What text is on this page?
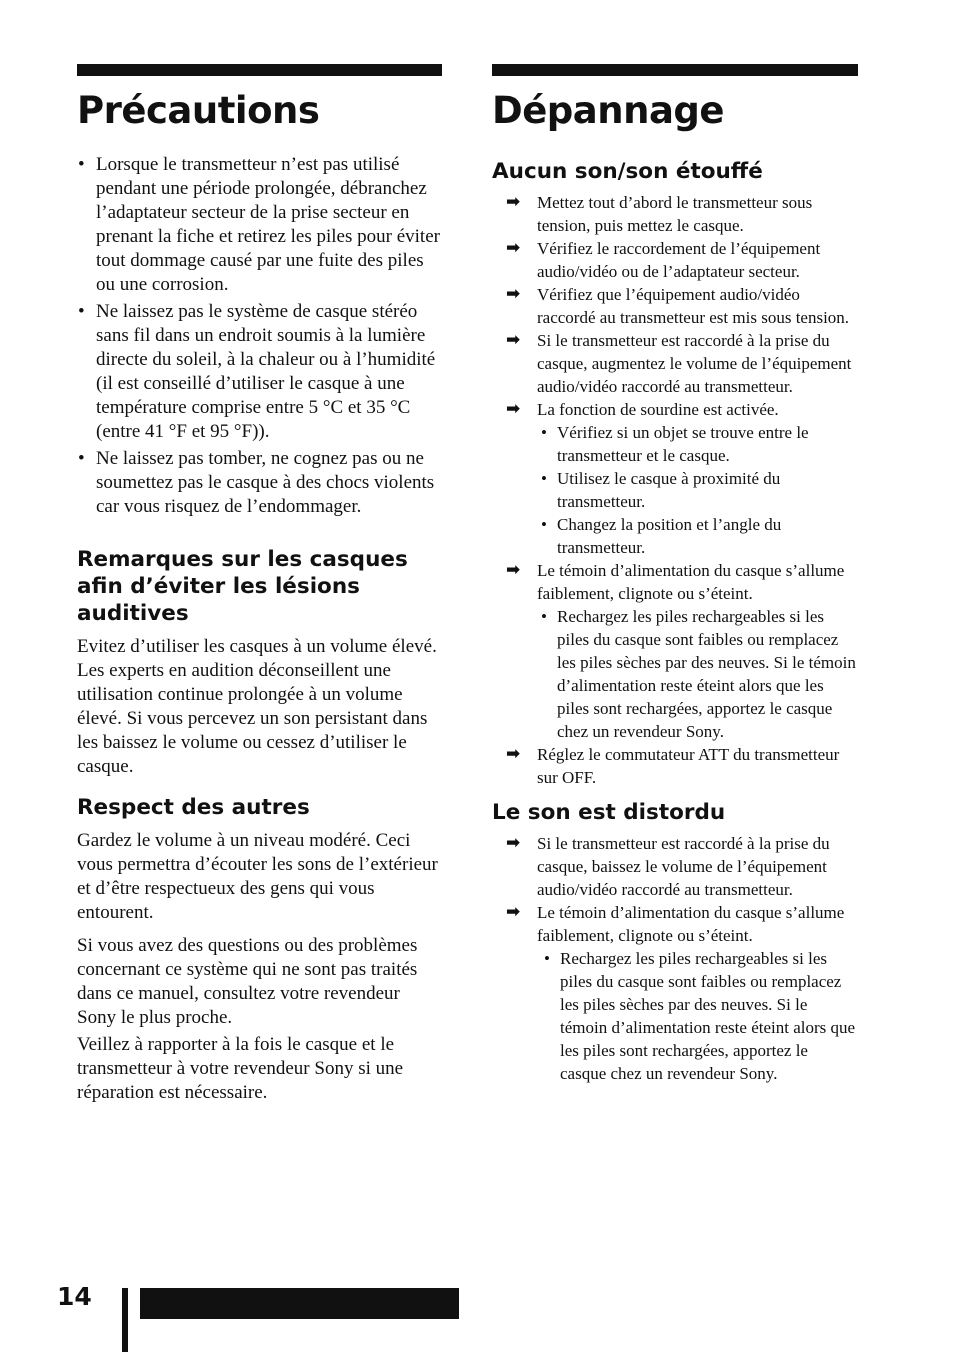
Précautions
• Lorsque le transmetteur n’est pas utilisé pendant une période prolongée, débranchez l’adaptateur secteur de la prise secteur en prenant la fiche et retirez les piles pour éviter tout dommage causé par une fuite des piles ou une corrosion.
• Ne laissez pas le système de casque stéréo sans fil dans un endroit soumis à la lumière directe du soleil, à la chaleur ou à l’humidité (il est conseillé d’utiliser le casque à une température comprise entre 5 °C et 35 °C (entre 41 °F et 95 °F)).
• Ne laissez pas tomber, ne cognez pas ou ne soumettez pas le casque à des chocs violents car vous risquez de l’endommager.
Remarques sur les casques afin d’éviter les lésions auditives

Evitez d’utiliser les casques à un volume élevé. Les experts en audition déconseillent une utilisation continue prolongée à un volume élevé. Si vous percevez un son persistant dans les baissez le volume ou cessez d’utiliser le casque.

Respect des autres

Gardez le volume à un niveau modéré. Ceci vous permettra d’écouter les sons de l’extérieur et d’être respectueux des gens qui vous entourent.

Si vous avez des questions ou des problèmes concernant ce système qui ne sont pas traités dans ce manuel, consultez votre revendeur Sony le plus proche.

Veillez à rapporter à la fois le casque et le transmetteur à votre revendeur Sony si une réparation est nécessaire.

Dépannage
Aucun son/son étouffé
➡ Mettez tout d’abord le transmetteur sous tension, puis mettez le casque.
➡ Vérifiez le raccordement de l’équipement audio/vidéo ou de l’adaptateur secteur.
➡ Vérifiez que l’équipement audio/vidéo raccordé au transmetteur est mis sous tension.
➡ Si le transmetteur est raccordé à la prise du casque, augmentez le volume de l’équipement audio/vidéo raccordé au transmetteur.
➡ La fonction de sourdine est activée.
• Vérifiez si un objet se trouve entre le transmetteur et le casque.
• Utilisez le casque à proximité du transmetteur.
• Changez la position et l’angle du transmetteur.
➡ Le témoin d’alimentation du casque s’allume faiblement, clignote ou s’éteint.
• Rechargez les piles rechargeables si les piles du casque sont faibles ou remplacez les piles sèches par des neuves. Si le témoin d’alimentation reste éteint alors que les piles sont rechargées, apportez le casque chez un revendeur Sony.
➡ Réglez le commutateur ATT du transmetteur sur OFF.
Le son est distordu
➡ Si le transmetteur est raccordé à la prise du casque, baissez le volume de l’équipement audio/vidéo raccordé au transmetteur.
➡ Le témoin d’alimentation du casque s’allume faiblement, clignote ou s’éteint.
• Rechargez les piles rechargeables si les piles du casque sont faibles ou remplacez les piles sèches par des neuves. Si le témoin d’alimentation reste éteint alors que les piles sont rechargées, apportez le casque chez un revendeur Sony.
14
